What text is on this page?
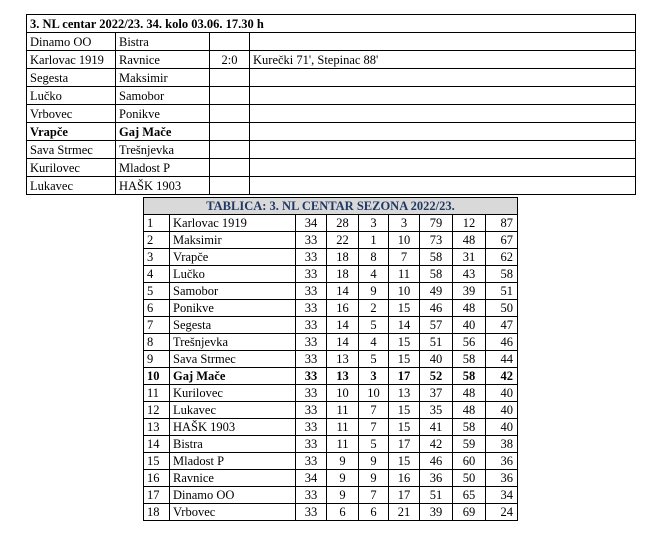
3. NL centar 2022/23. 34. kolo 03.06. 17.30 h			
Dinamo OO	Bistra		
Karlovac 1919	Ravnice	2:0	Kurečki 71', Stepinac 88'
Segesta	Maksimir		
Lučko	Samobor		
Vrbovec	Ponikve		
Vrapče	Gaj Mače		
Sava Strmec	Trešnjevka		
Kurilovec	Mladost P		
Lukavec	HAŠK 1903		
TABLICA: 3. NL CENTAR SEZONA 2022/23.								
1	Karlovac 1919	34	28	3	3	79	12	87
2	Maksimir	33	22	1	10	73	48	67
3	Vrapče	33	18	8	7	58	31	62
4	Lučko	33	18	4	11	58	43	58
5	Samobor	33	14	9	10	49	39	51
6	Ponikve	33	16	2	15	46	48	50
7	Segesta	33	14	5	14	57	40	47
8	Trešnjevka	33	14	4	15	51	56	46
9	Sava Strmec	33	13	5	15	40	58	44
10	Gaj Mače	33	13	3	17	52	58	42
11	Kurilovec	33	10	10	13	37	48	40
12	Lukavec	33	11	7	15	35	48	40
13	HAŠK 1903	33	11	7	15	41	58	40
14	Bistra	33	11	5	17	42	59	38
15	Mladost P	33	9	9	15	46	60	36
16	Ravnice	34	9	9	16	36	50	36
17	Dinamo OO	33	9	7	17	51	65	34
18	Vrbovec	33	6	6	21	39	69	24
